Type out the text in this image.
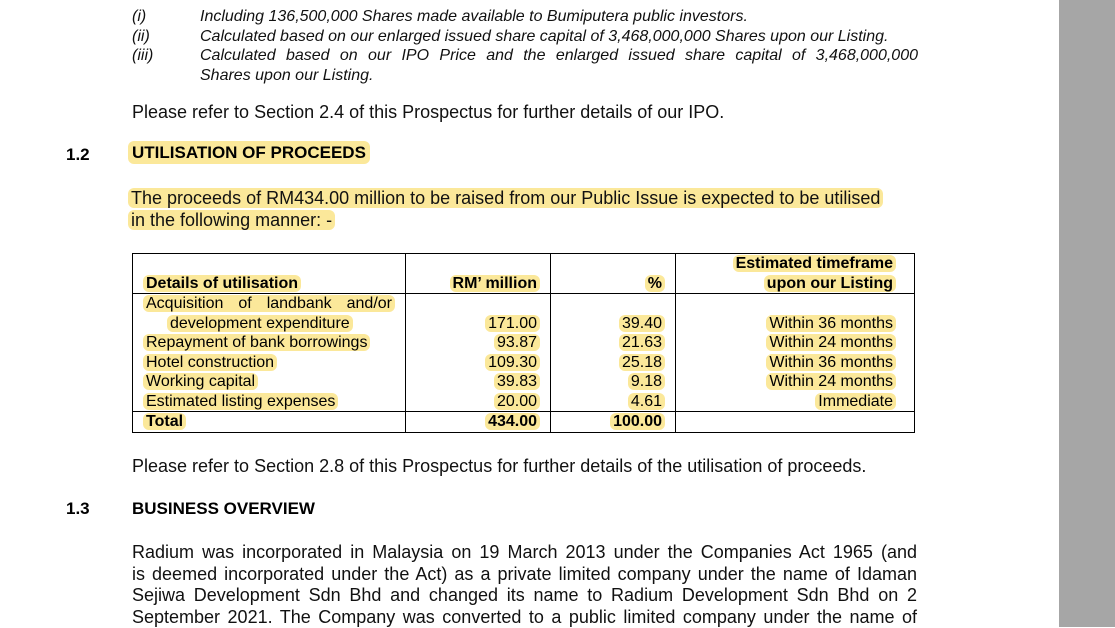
(i)	Including 136,500,000 Shares made available to Bumiputera public investors.
(ii)	Calculated based on our enlarged issued share capital of 3,468,000,000 Shares upon our Listing.
(iii)	Calculated based on our IPO Price and the enlarged issued share capital of 3,468,000,000
Shares upon our Listing.
Please refer to Section 2.4 of this Prospectus for further details of our IPO.
1.2 UTILISATION OF PROCEEDS
The proceeds of RM434.00 million to be raised from our Public Issue is expected to be utilised
in the following manner: -
Details of utilisation	RM’ million	%	Estimated timeframe
upon our Listing

Acquisition of landbank and/or
development expenditure	171.00	39.40	Within 36 months
Repayment of bank borrowings	93.87	21.63	Within 24 months
Hotel construction	109.30	25.18	Within 36 months
Working capital	39.83	9.18	Within 24 months
Estimated listing expenses	20.00	4.61	Immediate
Total	434.00	100.00	
Please refer to Section 2.8 of this Prospectus for further details of the utilisation of proceeds.
1.3 BUSINESS OVERVIEW
Radium was incorporated in Malaysia on 19 March 2013 under the Companies Act 1965 (and
is deemed incorporated under the Act) as a private limited company under the name of Idaman
Sejiwa Development Sdn Bhd and changed its name to Radium Development Sdn Bhd on 2
September 2021. The Company was converted to a public limited company under the name of
